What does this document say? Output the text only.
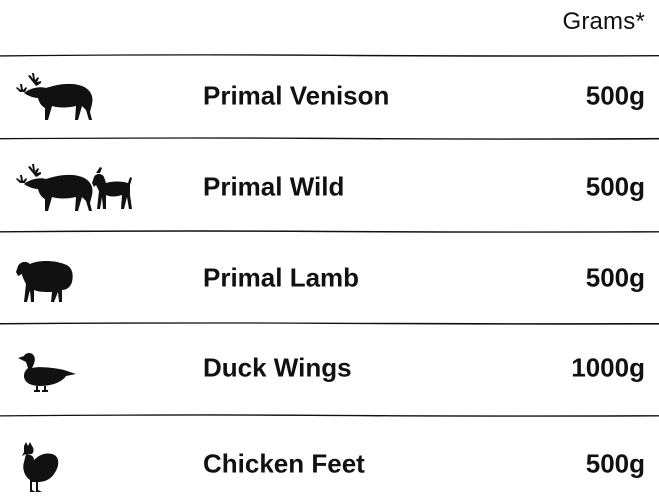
Grams*
Primal Venison	500g
Primal Wild	500g
Primal Lamb	500g
Duck Wings	1000g
Chicken Feet	500g
